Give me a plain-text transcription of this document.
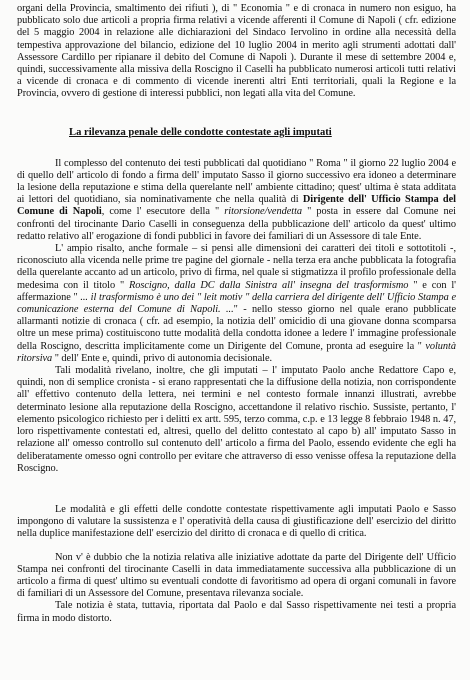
organi della Provincia, smaltimento dei rifiuti ), di " Economia " e di cronaca in numero non esiguo, ha pubblicato solo due articoli a propria firma relativi a vicende afferenti il Comune di Napoli ( cfr. edizione del 5 maggio 2004 in relazione alle dichiarazioni del Sindaco Iervolino in ordine alla necessità della tempestiva approvazione del bilancio, edizione del 10 luglio 2004 in merito agli strumenti adottati dall' Assessore Cardillo per ripianare il debito del Comune di Napoli ). Durante il mese di settembre 2004 e, quindi, successivamente alla missiva della Roscigno il Caselli ha pubblicato numerosi articoli tutti relativi a vicende di cronaca e di commento di vicende inerenti altri Enti territoriali, quali la Regione e la Provincia, ovvero di gestione di interessi pubblici, non legati alla vita del Comune.

La rilevanza penale delle condotte contestate agli imputati

Il complesso del contenuto dei testi pubblicati dal quotidiano " Roma " il giorno 22 luglio 2004 e di quello dell' articolo di fondo a firma dell' imputato Sasso il giorno successivo era idoneo a determinare la lesione della reputazione e stima della querelante nell' ambiente cittadino; quest' ultima è stata additata ai lettori del quotidiano, sia nominativamente che nella qualità di Dirigente dell' Ufficio Stampa del Comune di Napoli, come l' esecutore della " ritorsione/vendetta " posta in essere dal Comune nei confronti del tirocinante Dario Caselli in conseguenza della pubblicazione dell' articolo da quest' ultimo redatto relativo all' erogazione di fondi pubblici in favore dei familiari di un Assessore di tale Ente.

L' ampio risalto, anche formale – si pensi alle dimensioni dei caratteri dei titoli e sottotitoli -, riconosciuto alla vicenda nelle prime tre pagine del giornale - nella terza era anche pubblicata la fotografia della querelante accanto ad un articolo, privo di firma, nel quale si stigmatizza il profilo professionale della medesima con il titolo " Roscigno, dalla DC dalla Sinistra all' insegna del trasformismo " e con l' affermazione " ... il trasformismo è uno dei " leit motiv " della carriera del dirigente dell' Ufficio Stampa e comunicazione esterna del Comune di Napoli. ..." - nello stesso giorno nel quale erano pubblicate allarmanti notizie di cronaca ( cfr. ad esempio, la notizia dell' omicidio di una giovane donna scomparsa oltre un mese prima) costituiscono tutte modalità della condotta idonee a ledere l' immagine professionale della Roscigno, descritta implicitamente come un Dirigente del Comune, pronta ad eseguire la " voluntà ritorsiva " dell' Ente e, quindi, privo di autonomia decisionale.

Tali modalità rivelano, inoltre, che gli imputati – l' imputato Paolo anche Redattore Capo e, quindi, non di semplice cronista - si erano rappresentati che la diffusione della notizia, non corrispondente all' effettivo contenuto della lettera, nei termini e nel contesto formale innanzi illustrati, avrebbe determinato lesione alla reputazione della Roscigno, accettandone il relativo rischio. Sussiste, pertanto, l' elemento psicologico richiesto per i delitti ex artt. 595, terzo comma, c.p. e 13 legge 8 febbraio 1948 n. 47, loro rispettivamente contestati ed, altresì, quello del delitto contestato al capo b) all' imputato Sasso in relazione all' omesso controllo sul contenuto dell' articolo a firma del Paolo, essendo evidente che egli ha deliberatamente omesso ogni controllo per evitare che attraverso di esso venisse offesa la reputazione della Roscigno.

Le modalità e gli effetti delle condotte contestate rispettivamente agli imputati Paolo e Sasso impongono di valutare la sussistenza e l' operatività della causa di giustificazione dell' esercizio del diritto nella duplice manifestazione dell' esercizio del diritto di cronaca e di quello di critica.

Non v' è dubbio che la notizia relativa alle iniziative adottate da parte del Dirigente dell' Ufficio Stampa nei confronti del tirocinante Caselli in data immediatamente successiva alla pubblicazione di un articolo a firma di quest' ultimo su eventuali condotte di favoritismo ad opera di organi comunali in favore di familiari di un Assessore del Comune, presentava rilevanza sociale.

Tale notizia è stata, tuttavia, riportata dal Paolo e dal Sasso rispettivamente nei testi a propria firma in modo distorto.
